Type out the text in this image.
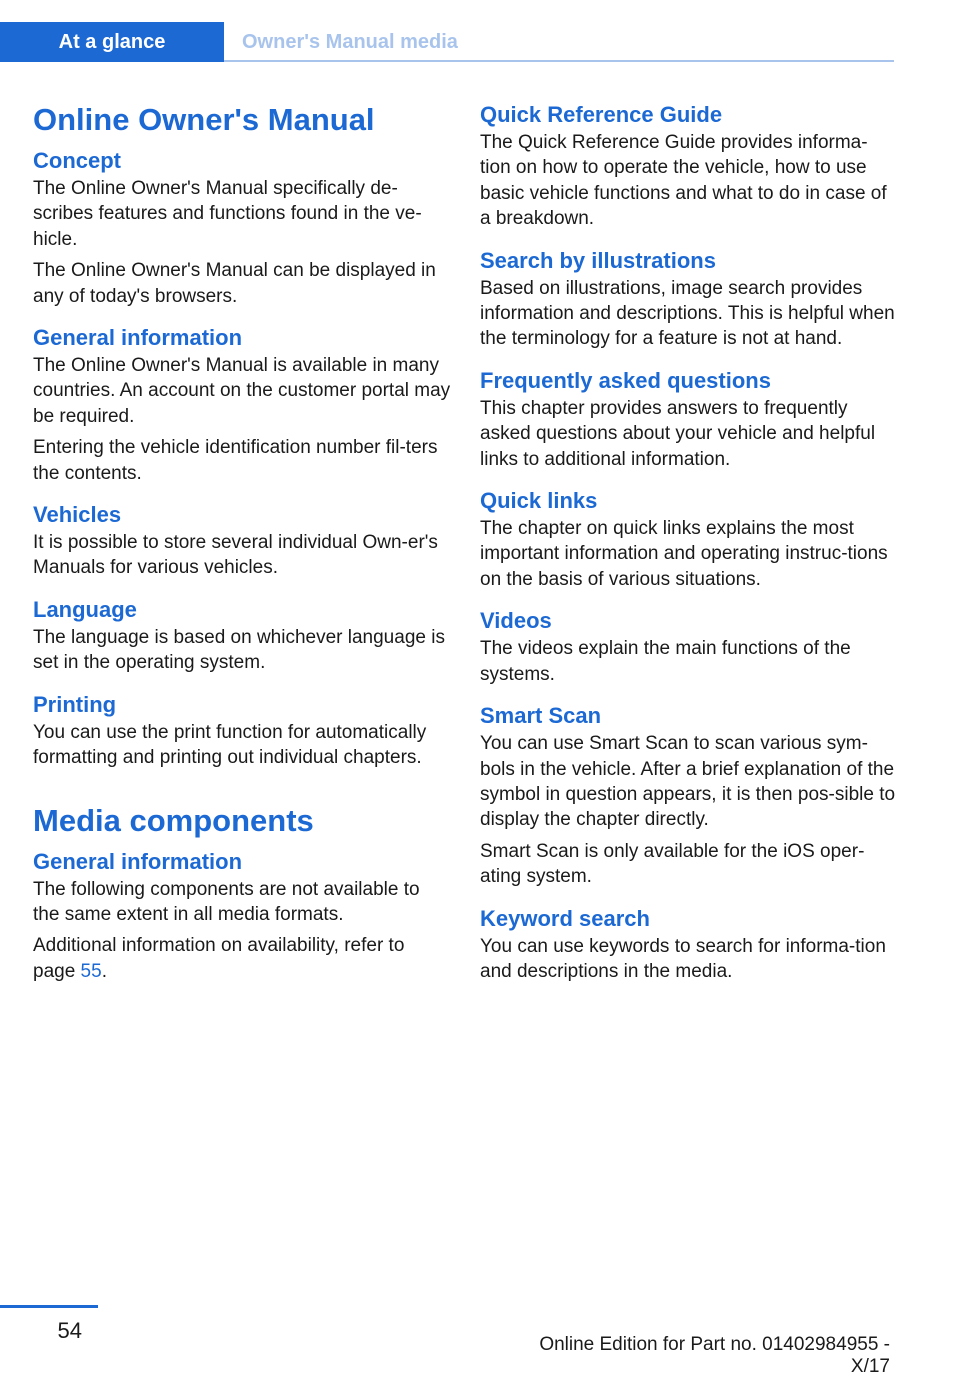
At a glance	Owner's Manual media
Online Owner's Manual
Concept

The Online Owner's Manual specifically de‐scribes features and functions found in the ve‐hicle.

The Online Owner's Manual can be displayed in any of today's browsers.

General information

The Online Owner's Manual is available in many countries. An account on the customer portal may be required.

Entering the vehicle identification number fil‐ters the contents.

Vehicles

It is possible to store several individual Own‐er's Manuals for various vehicles.

Language

The language is based on whichever language is set in the operating system.

Printing

You can use the print function for automatically formatting and printing out individual chapters.

Media components
General information

The following components are not available to the same extent in all media formats.

Additional information on availability, refer to page 55.

Quick Reference Guide

The Quick Reference Guide provides informa‐tion on how to operate the vehicle, how to use basic vehicle functions and what to do in case of a breakdown.

Search by illustrations

Based on illustrations, image search provides information and descriptions. This is helpful when the terminology for a feature is not at hand.

Frequently asked questions

This chapter provides answers to frequently asked questions about your vehicle and helpful links to additional information.

Quick links

The chapter on quick links explains the most important information and operating instruc‐tions on the basis of various situations.

Videos

The videos explain the main functions of the systems.

Smart Scan

You can use Smart Scan to scan various sym‐bols in the vehicle. After a brief explanation of the symbol in question appears, it is then pos‐sible to display the chapter directly.

Smart Scan is only available for the iOS oper‐ating system.

Keyword search

You can use keywords to search for informa‐tion and descriptions in the media.

54
Online Edition for Part no. 01402984955 - X/17
